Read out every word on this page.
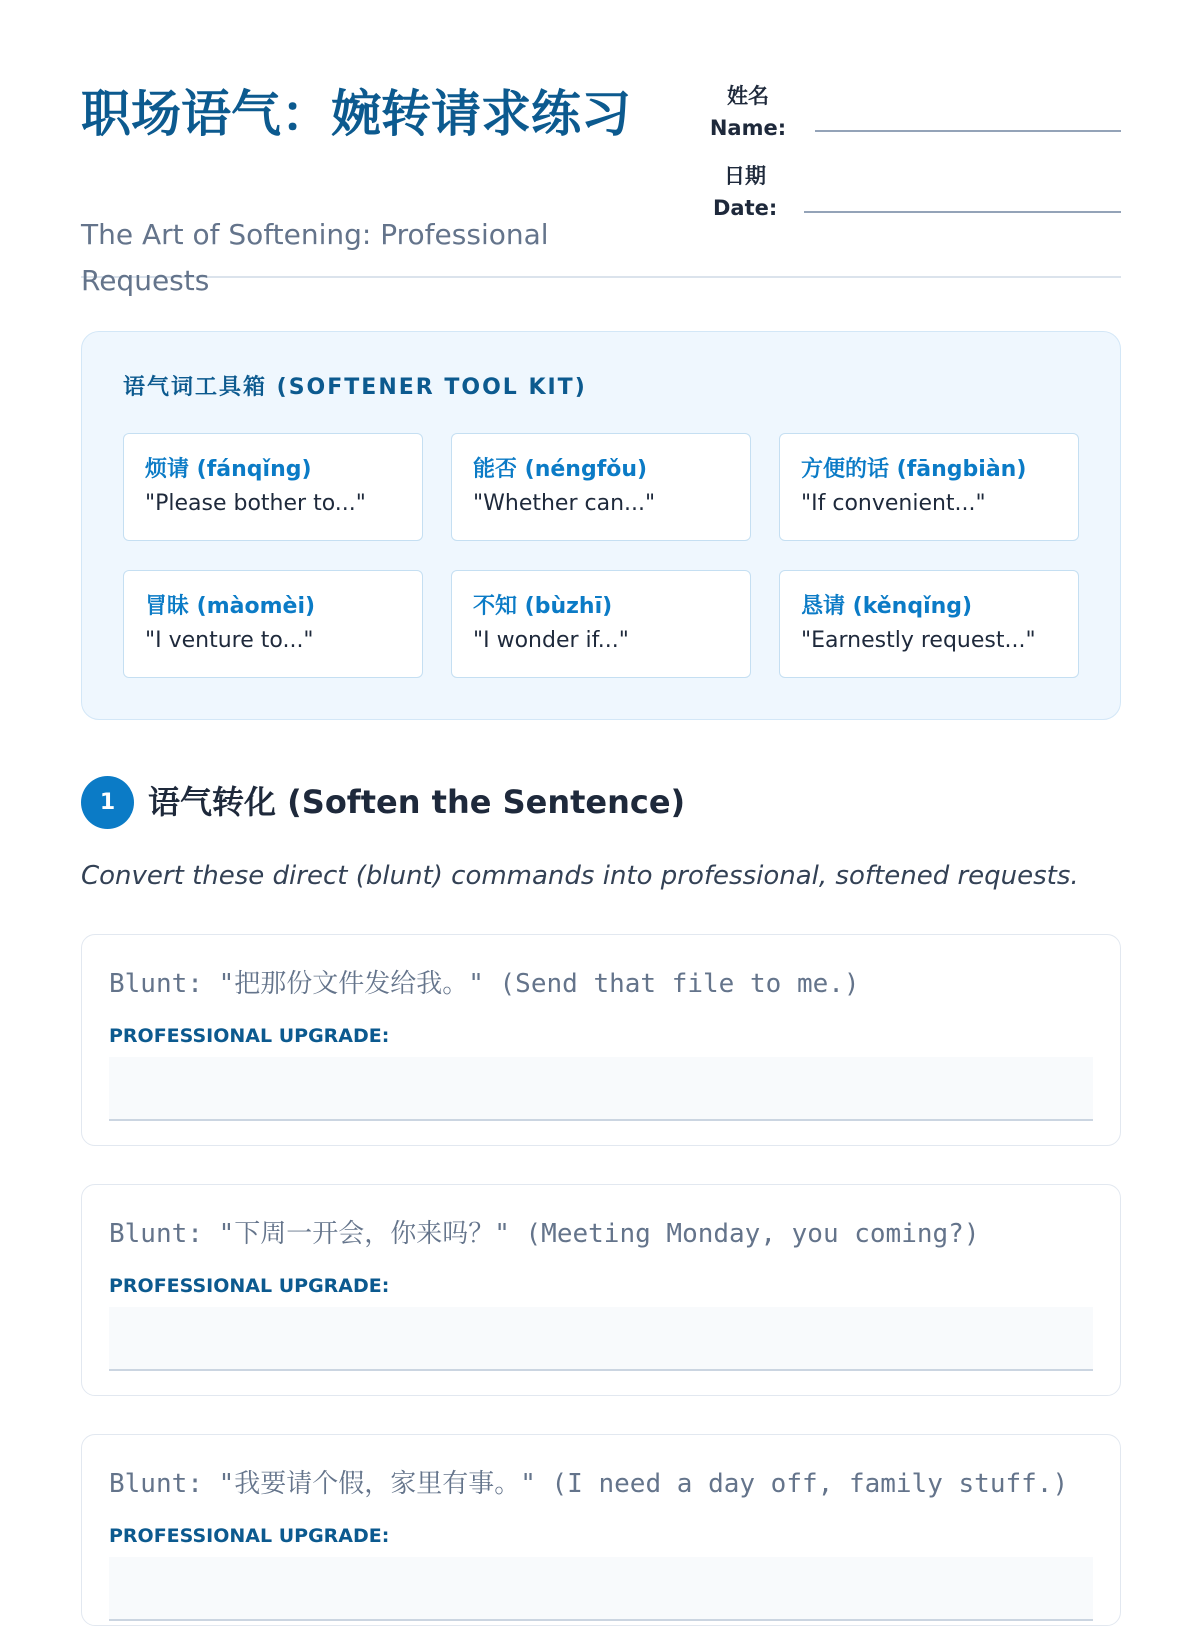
职场语气：婉转请求练习
The Art of Softening: Professional Requests
姓名
Name:
日期
Date:
语气词工具箱 (SOFTENER TOOL KIT)
烦请 (fánqǐng)
"Please bother to..."
能否 (néngfǒu)
"Whether can..."
方便的话 (fāngbiàn)
"If convenient..."
冒昧 (màomèi)
"I venture to..."
不知 (bùzhī)
"I wonder if..."
恳请 (kěnqǐng)
"Earnestly request..."
1	语气转化 (Soften the Sentence)
Convert these direct (blunt) commands into professional, softened requests.
Blunt: "把那份文件发给我。" (Send that file to me.)
PROFESSIONAL UPGRADE:
Blunt: "下周一开会，你来吗？" (Meeting Monday, you coming?)
PROFESSIONAL UPGRADE:
Blunt: "我要请个假，家里有事。" (I need a day off, family stuff.)
PROFESSIONAL UPGRADE:
